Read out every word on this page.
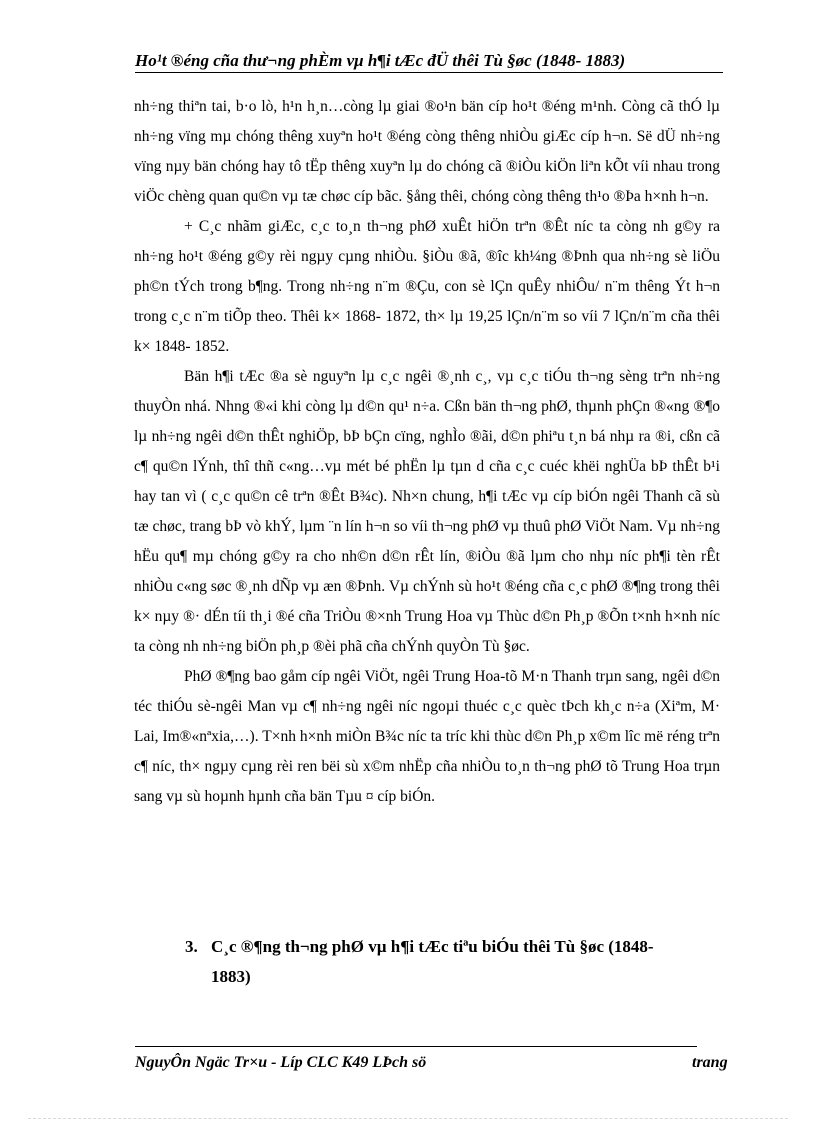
Ho¹t ®éng cña thư¬ng phÈm vμ h¶i tÆc đÜ thêi Tù §øc (1848- 1883)

nh÷ng thiªn tai, b·o lò, h¹n h¸n…còng lµ giai ®o¹n bän cíp ho¹t ®éng m¹nh. Còng cã thÓ lµ nh÷ng vïng mµ chóng thêng xuyªn ho¹t ®éng còng thêng nhiÒu giÆc cíp h¬n. Së dÜ nh÷ng vïng nµy bän chóng hay tô tËp thêng xuyªn lµ do chóng cã ®iÒu kiÖn liªn kÕt víi nhau trong viÖc chèng quan qu©n vµ tæ chøc cíp bãc. §ång thêi, chóng còng thêng th¹o ®Þa h×nh h¬n.

+ C¸c nhãm giÆc, c¸c to¸n th¬ng phØ xuÊt hiÖn trªn ®Êt níc ta còng nh g©y ra nh÷ng ho¹t ®éng g©y rèi ngµy cµng nhiÒu. §iÒu ®ã, ®îc kh¼ng ®Þnh qua nh÷ng sè liÖu ph©n tÝch trong b¶ng. Trong nh÷ng n¨m ®Çu, con sè lÇn quÊy nhiÔu/ n¨m thêng Ýt h¬n trong c¸c n¨m tiÕp theo. Thêi k× 1868- 1872, th× lµ 19,25 lÇn/n¨m so víi 7 lÇn/n¨m cña thêi k× 1848- 1852.

Bän h¶i tÆc ®a sè nguyªn lµ c¸c ngêi ®¸nh c¸, vµ c¸c tiÓu th¬ng sèng trªn nh÷ng thuyÒn nhá. Nhng ®«i khi còng lµ d©n qu¹ n÷a. Cßn bän th¬ng phØ, thµnh phÇn ®«ng ®¶o lµ nh÷ng ngêi d©n thÊt nghiÖp, bÞ bÇn cïng, nghÌo ®ãi, d©n phiªu t¸n bá nhµ ra ®i, cßn cã c¶ qu©n lÝnh, thî thñ c«ng…vµ mét bé phËn lµ tµn d cña c¸c cuéc khëi nghÜa bÞ thÊt b¹i hay tan vì ( c¸c qu©n cê trªn ®Êt B¾c). Nh×n chung, h¶i tÆc vµ cíp biÓn ngêi Thanh cã sù tæ chøc, trang bÞ vò khÝ, lµm ¨n lín h¬n so víi th¬ng phØ vµ thuû phØ ViÖt Nam. Vµ nh÷ng hËu qu¶ mµ chóng g©y ra cho nh©n d©n rÊt lín, ®iÒu ®ã lµm cho nhµ níc ph¶i tèn rÊt nhiÒu c«ng søc ®¸nh dÑp vµ æn ®Þnh. Vµ chÝnh sù ho¹t ®éng cña c¸c phØ ®¶ng trong thêi k× nµy ®· dÉn tíi th¸i ®é cña TriÒu ®×nh Trung Hoa vµ Thùc d©n Ph¸p ®Õn t×nh h×nh níc ta còng nh nh÷ng biÖn ph¸p ®èi phã cña chÝnh quyÒn Tù §øc.

PhØ ®¶ng bao gåm cíp ngêi ViÖt, ngêi Trung Hoa-tõ M·n Thanh trµn sang, ngêi d©n téc thiÓu sè-ngêi Man vµ c¶ nh÷ng ngêi níc ngoµi thuéc c¸c quèc tÞch kh¸c n÷a (Xiªm, M· Lai, Im®«nªxia,…). T×nh h×nh miÒn B¾c níc ta tríc khi thùc d©n Ph¸p x©m lîc më réng trªn c¶ níc, th× ngµy cµng rèi ren bëi sù x©m nhËp cña nhiÒu to¸n th¬ng phØ tõ Trung Hoa trµn sang vµ sù hoµnh hµnh cña bän Tµu ¤ cíp biÓn.

3. C¸c ®¶ng th¬ng phØ vµ h¶i tÆc tiªu biÓu thêi Tù §øc (1848-
1883)
NguyÔn Ngäc Tr×u - Líp CLC K49 LÞch sö	trang
